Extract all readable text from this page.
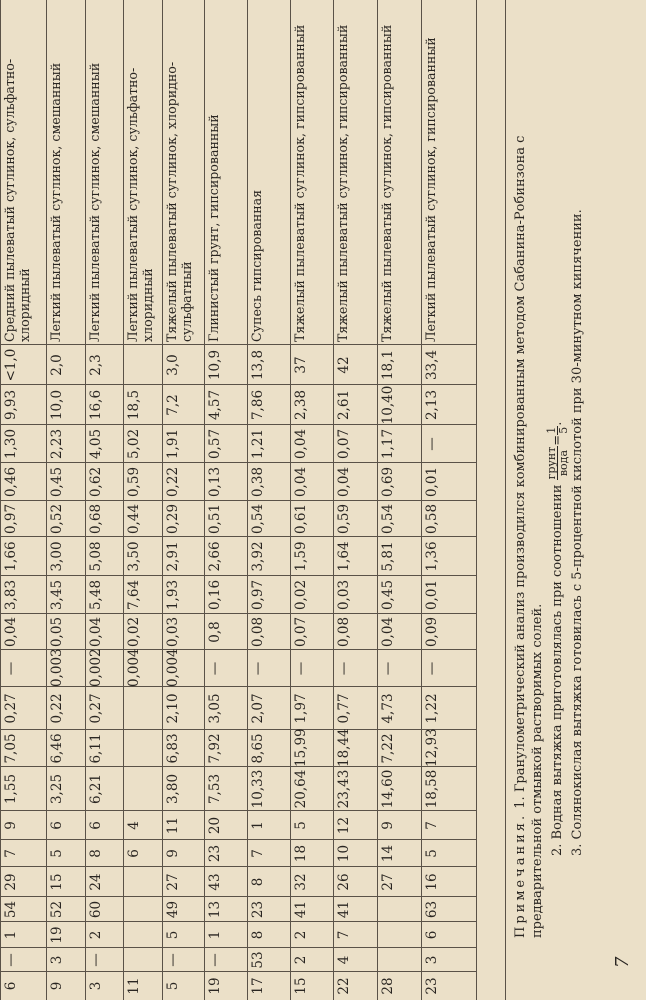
6
—
1
54
29
7
9
1,55
7,05
0,27
—
0,04
3,83
1,66
0,97
0,46
1,30
9,93
<1,0
Средний пылеватый суглинок, сульфатно-хлоридный
9
3
19
52
15
5
6
3,25
6,46
0,22
0,003
0,05
3,45
3,00
0,52
0,45
2,23
10,0
2,0
Легкий пылеватый суглинок, смешанный
3
—
2
60
24
8
6
6,21
6,11
0,27
0,002
0,04
5,48
5,08
0,68
0,62
4,05
16,6
2,3
Легкий пылеватый суглинок, смешанный
11
6
4
0,004
0,02
7,64
3,50
0,44
0,59
5,02
18,5
Легкий пылеватый суглинок, сульфатно-хлоридный
5
—
5
49
27
9
11
3,80
6,83
2,10
0,004
0,03
1,93
2,91
0,29
0,22
1,91
7,2
3,0
Тяжелый пылеватый суглинок, хлоридно-сульфатный
19
—
1
13
43
23
20
7,53
7,92
3,05
—
0,8
0,16
2,66
0,51
0,13
0,57
4,57
10,9
Глинистый грунт, гипсированный
17
53
8
23
8
7
1
10,33
8,65
2,07
—
0,08
0,97
3,92
0,54
0,38
1,21
7,86
13,8
Супесь гипсированная
15
2
2
41
32
18
5
20,64
15,99
1,97
—
0,07
0,02
1,59
0,61
0,04
0,04
2,38
37
Тяжелый пылеватый суглинок, гипсированный
22
4
7
41
26
10
12
23,43
18,44
0,77
—
0,08
0,03
1,64
0,59
0,04
0,07
2,61
42
Тяжелый пылеватый суглинок, гипсированный
28
27
14
9
14,60
7,22
4,73
—
0,04
0,45
5,81
0,54
0,69
1,17
10,40
18,1
Тяжелый пылеватый суглинок, гипсированный
23
3
6
63
16
5
7
18,58
12,93
1,22
—
0,09
0,01
1,36
0,58
0,01
—
2,13
33,4
Легкий пылеватый суглинок, гипсированный

Примечания. 1. Гранулометрический анализ производился комбинированным методом Сабанина-Робинзона с предварительной отмывкой растворимых солей. 2. Водная вытяжка приготовлялась при соотношении
грунт вода
=
1 5
. 3. Солянокислая вытяжка готовилась с 5-процентной кислотой при 30-минутном кипячении.

7
